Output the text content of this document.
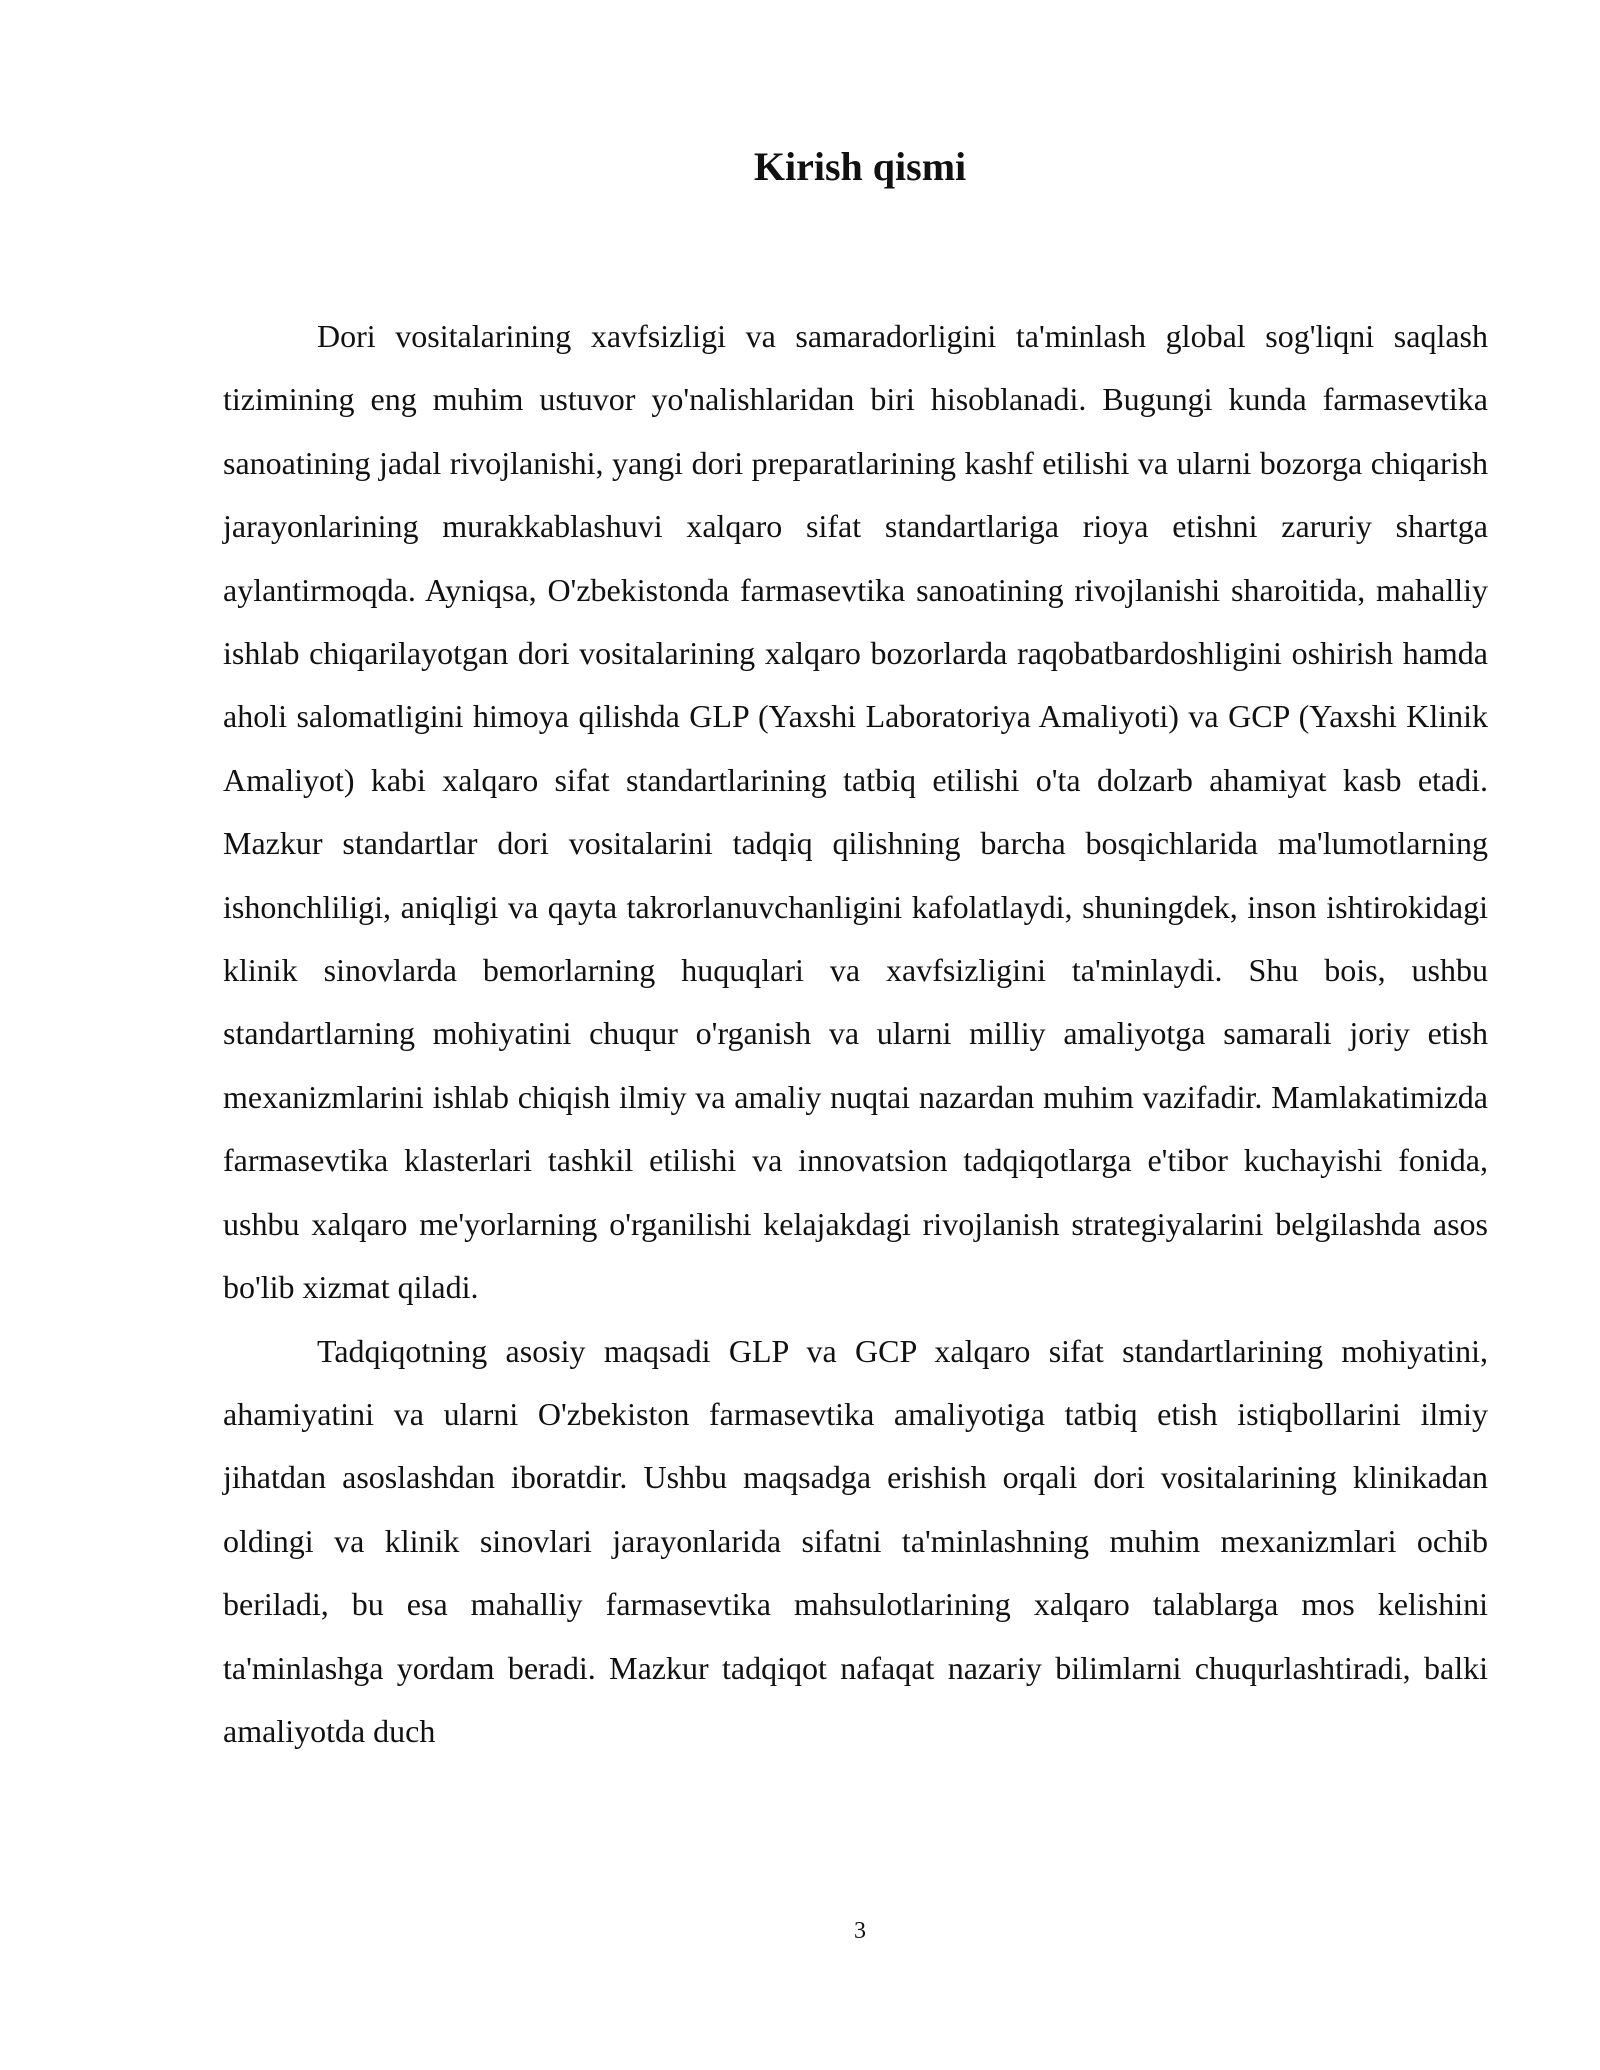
Kirish qismi

Dori vositalarining xavfsizligi va samaradorligini ta'minlash global sog'liqni saqlash tizimining eng muhim ustuvor yo'nalishlaridan biri hisoblanadi. Bugungi kunda farmasevtika sanoatining jadal rivojlanishi, yangi dori preparatlarining kashf etilishi va ularni bozorga chiqarish jarayonlarining murakkablashuvi xalqaro sifat standartlariga rioya etishni zaruriy shartga aylantirmoqda. Ayniqsa, O'zbekistonda farmasevtika sanoatining rivojlanishi sharoitida, mahalliy ishlab chiqarilayotgan dori vositalarining xalqaro bozorlarda raqobatbardoshligini oshirish hamda aholi salomatligini himoya qilishda GLP (Yaxshi Laboratoriya Amaliyoti) va GCP (Yaxshi Klinik Amaliyot) kabi xalqaro sifat standartlarining tatbiq etilishi o'ta dolzarb ahamiyat kasb etadi. Mazkur standartlar dori vositalarini tadqiq qilishning barcha bosqichlarida ma'lumotlarning ishonchliligi, aniqligi va qayta takrorlanuvchanligini kafolatlaydi, shuningdek, inson ishtirokidagi klinik sinovlarda bemorlarning huquqlari va xavfsizligini ta'minlaydi. Shu bois, ushbu standartlarning mohiyatini chuqur o'rganish va ularni milliy amaliyotga samarali joriy etish mexanizmlarini ishlab chiqish ilmiy va amaliy nuqtai nazardan muhim vazifadir. Mamlakatimizda farmasevtika klasterlari tashkil etilishi va innovatsion tadqiqotlarga e'tibor kuchayishi fonida, ushbu xalqaro me'yorlarning o'rganilishi kelajakdagi rivojlanish strategiyalarini belgilashda asos bo'lib xizmat qiladi.

Tadqiqotning asosiy maqsadi GLP va GCP xalqaro sifat standartlarining mohiyatini, ahamiyatini va ularni O'zbekiston farmasevtika amaliyotiga tatbiq etish istiqbollarini ilmiy jihatdan asoslashdan iboratdir. Ushbu maqsadga erishish orqali dori vositalarining klinikadan oldingi va klinik sinovlari jarayonlarida sifatni ta'minlashning muhim mexanizmlari ochib beriladi, bu esa mahalliy farmasevtika mahsulotlarining xalqaro talablarga mos kelishini ta'minlashga yordam beradi. Mazkur tadqiqot nafaqat nazariy bilimlarni chuqurlashtiradi, balki amaliyotda duch

3
